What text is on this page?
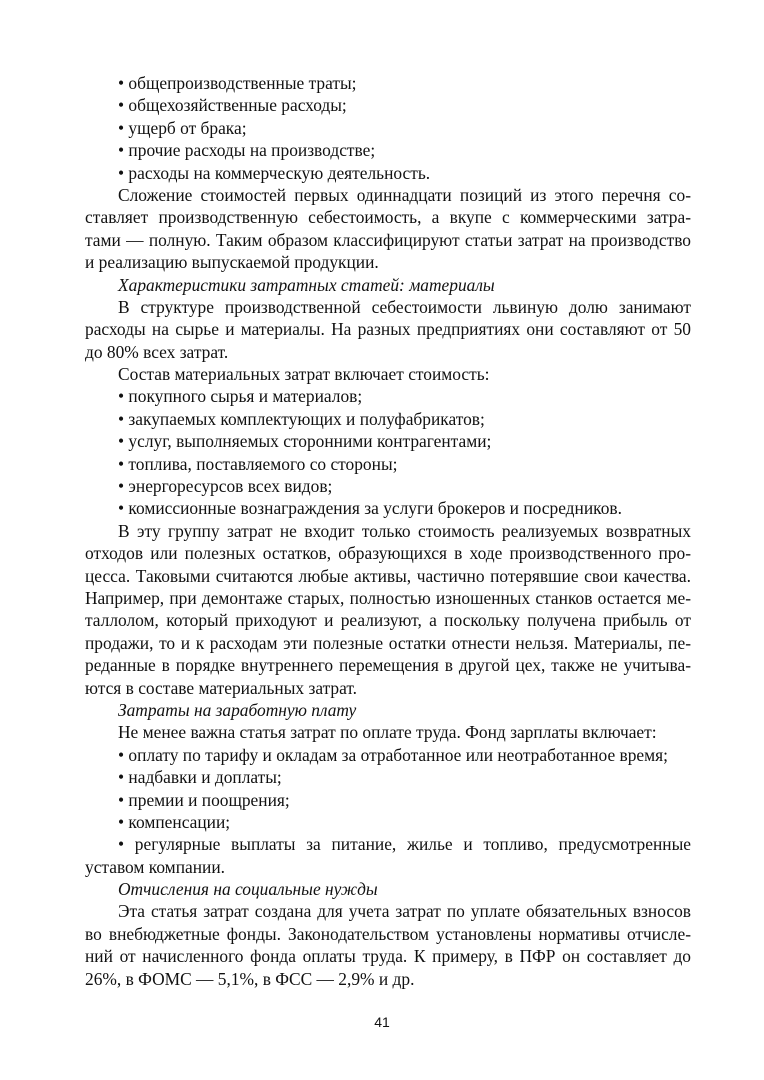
• общепроизводственные траты;
• общехозяйственные расходы;
• ущерб от брака;
• прочие расходы на производстве;
• расходы на коммерческую деятельность.
Сложение стоимостей первых одиннадцати позиций из этого перечня со-
ставляет производственную себестоимость, а вкупе с коммерческими затра-
тами — полную. Таким образом классифицируют статьи затрат на производство
и реализацию выпускаемой продукции.
Характеристики затратных статей: материалы
В структуре производственной себестоимости львиную долю занимают
расходы на сырье и материалы. На разных предприятиях они составляют от 50
до 80% всех затрат.
Состав материальных затрат включает стоимость:
• покупного сырья и материалов;
• закупаемых комплектующих и полуфабрикатов;
• услуг, выполняемых сторонними контрагентами;
• топлива, поставляемого со стороны;
• энергоресурсов всех видов;
• комиссионные вознаграждения за услуги брокеров и посредников.
В эту группу затрат не входит только стоимость реализуемых возвратных
отходов или полезных остатков, образующихся в ходе производственного про-
цесса. Таковыми считаются любые активы, частично потерявшие свои качества.
Например, при демонтаже старых, полностью изношенных станков остается ме-
таллолом, который приходуют и реализуют, а поскольку получена прибыль от
продажи, то и к расходам эти полезные остатки отнести нельзя. Материалы, пе-
реданные в порядке внутреннего перемещения в другой цех, также не учитыва-
ются в составе материальных затрат.
Затраты на заработную плату
Не менее важна статья затрат по оплате труда. Фонд зарплаты включает:
• оплату по тарифу и окладам за отработанное или неотработанное время;
• надбавки и доплаты;
• премии и поощрения;
• компенсации;
• регулярные выплаты за питание, жилье и топливо, предусмотренные
уставом компании.
Отчисления на социальные нужды
Эта статья затрат создана для учета затрат по уплате обязательных взносов
во внебюджетные фонды. Законодательством установлены нормативы отчисле-
ний от начисленного фонда оплаты труда. К примеру, в ПФР он составляет до
26%, в ФОМС — 5,1%, в ФСС — 2,9% и др.
41
